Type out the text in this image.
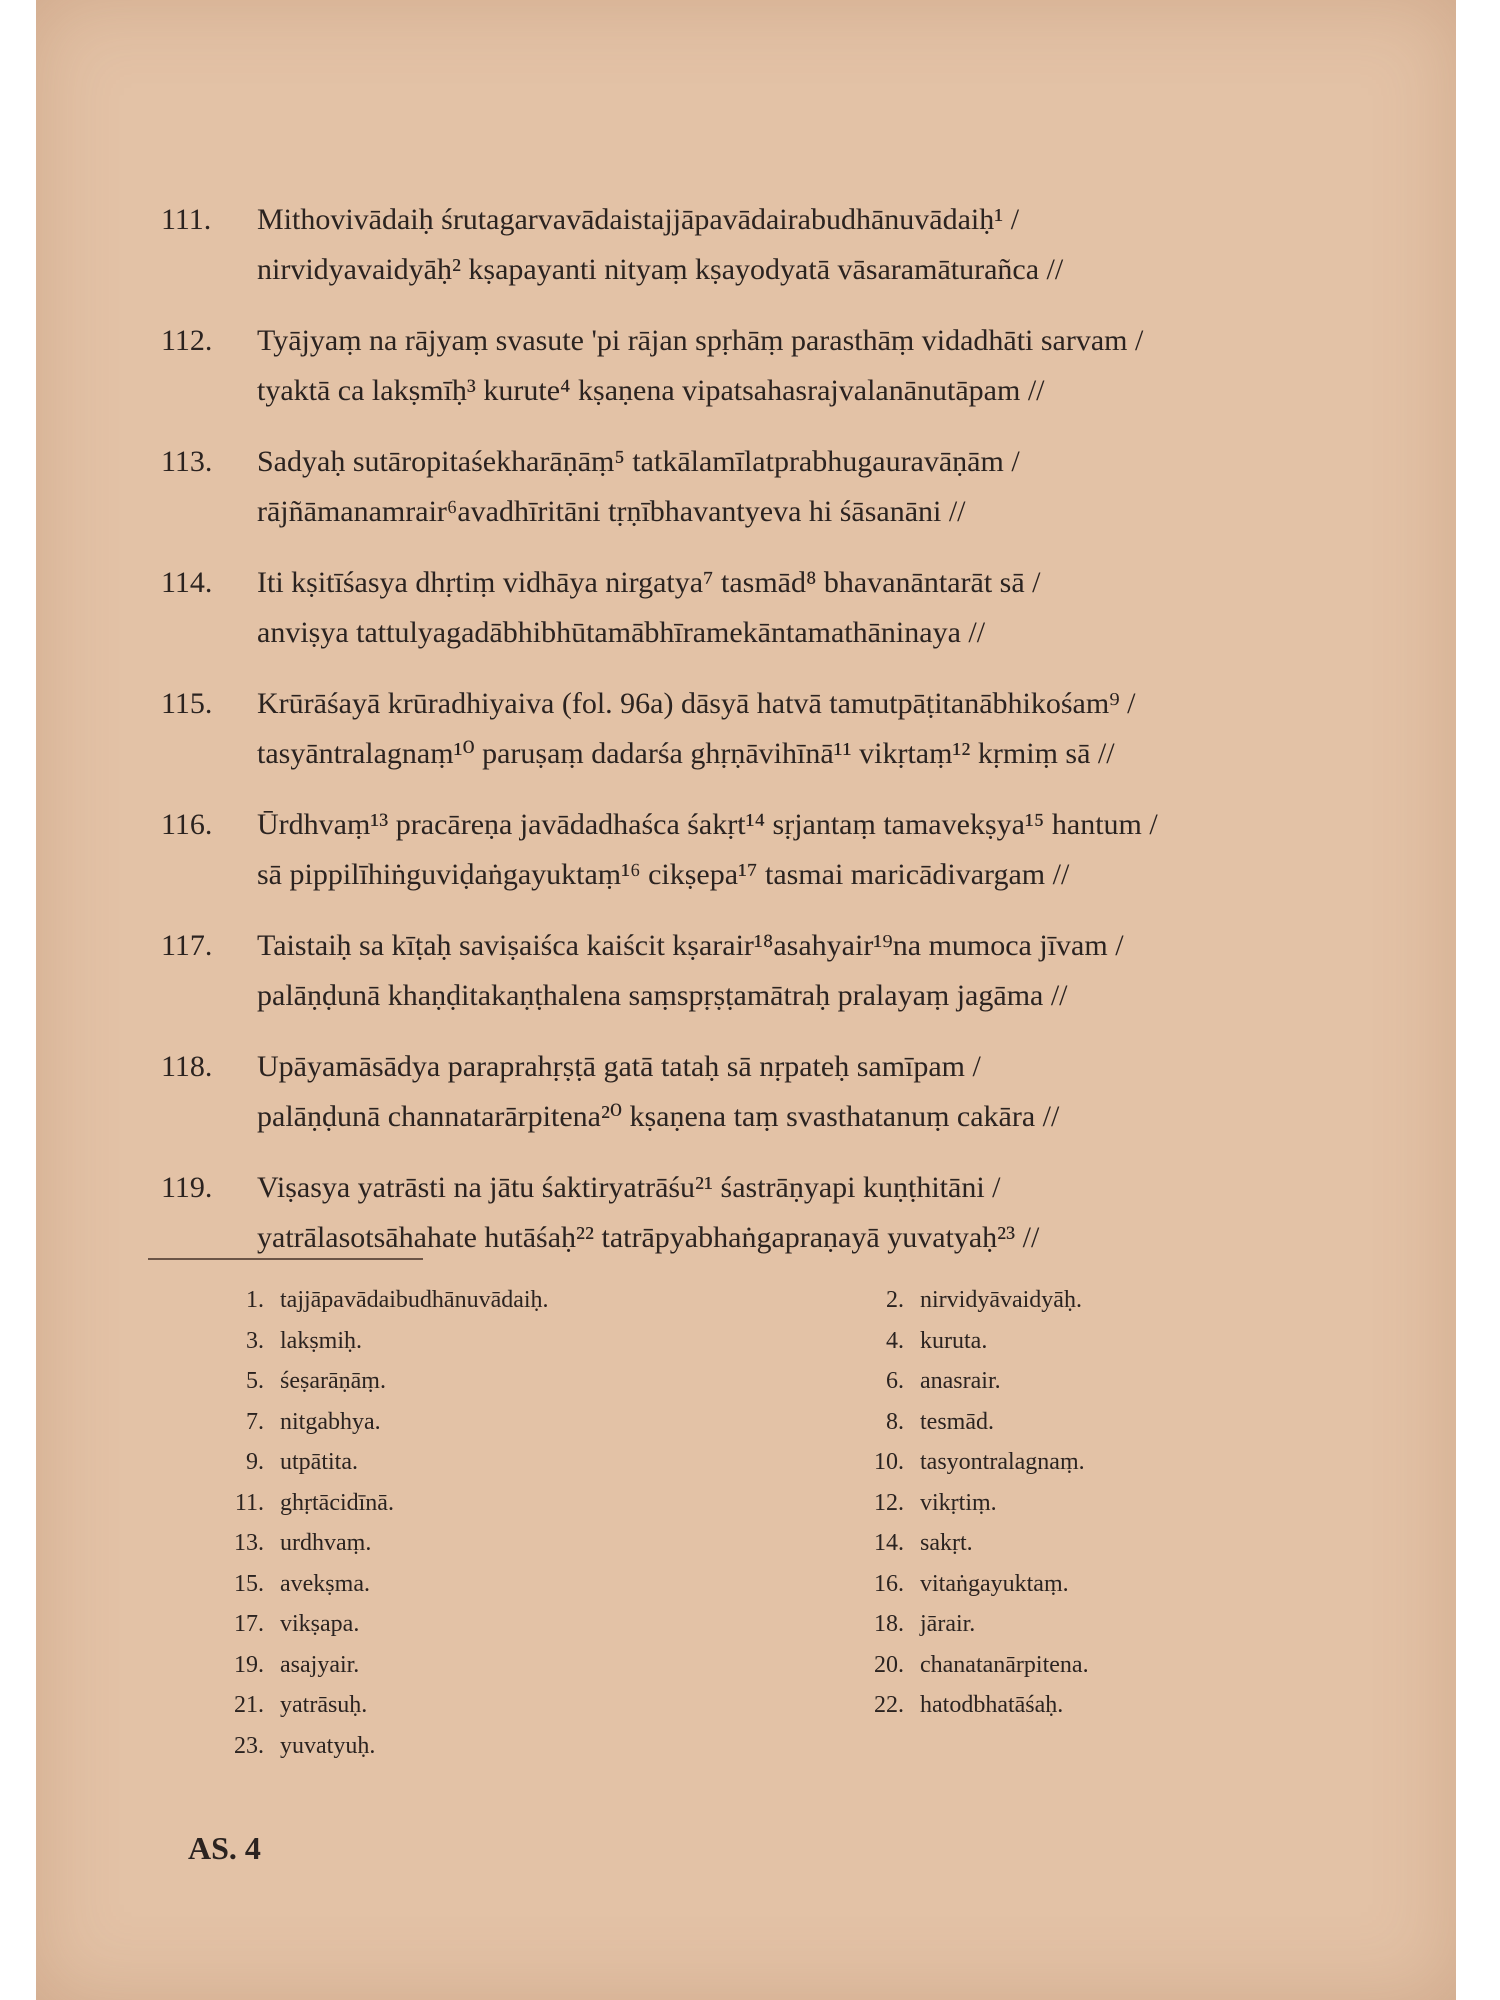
111. Mithovivādaiḥ śrutagarvavādaistajjāpavādairabudhānuvādaiḥ¹ /
nirvidyavaidyāḥ² kṣapayanti nityaṃ kṣayodyatā vāsaramāturañca //
112. Tyājyaṃ na rājyaṃ svasute 'pi rājan spṛhāṃ parasthāṃ vidadhāti sarvam /
tyaktā ca lakṣmīḥ³ kurute⁴ kṣaṇena vipatsahasrajvalanānutāpam //
113. Sadyaḥ sutāropitaśekharāṇāṃ⁵ tatkālamīlatprabhugauravāṇām /
rājñāmanamrair⁶avadhīritāni tṛṇībhavantyeva hi śāsanāni //
114. Iti kṣitīśasya dhṛtiṃ vidhāya nirgatya⁷ tasmād⁸ bhavanāntarāt sā /
anviṣya tattulyagadābhibhūtamābhīramekāntamathāninaya //
115. Krūrāśayā krūradhiyaiva (fol. 96a) dāsyā hatvā tamutpāṭitanābhikośam⁹ /
tasyāntralagnaṃ¹⁰ paruṣaṃ dadarśa ghṛṇāvihīnā¹¹ vikṛtaṃ¹² kṛmiṃ sā //
116. Ūrdhvaṃ¹³ pracāreṇa javādadhaśca śakṛt¹⁴ sṛjantaṃ tamavekṣya¹⁵ hantum /
sā pippilīhiṅguviḍaṅgayuktaṃ¹⁶ cikṣepa¹⁷ tasmai maricādivargam //
117. Taistaiḥ sa kīṭaḥ saviṣaiśca kaiścit kṣarair¹⁸asahyair¹⁹na mumoca jīvam /
palāṇḍunā khaṇḍitakaṇṭhalena saṃspṛṣṭamātraḥ pralayaṃ jagāma //
118. Upāyamāsādya paraprahṛṣṭā gatā tataḥ sā nṛpateḥ samīpam /
palāṇḍunā channatarārpitena²⁰ kṣaṇena taṃ svasthatanuṃ cakāra //
119. Viṣasya yatrāsti na jātu śaktiryatrāśu²¹ śastrāṇyapi kuṇṭhitāni /
yatrālasotsāhahate hutāśaḥ²² tatrāpyabhaṅgapraṇayā yuvatyaḥ²³ //
1. tajjāpavādaibudhānuvādaiḥ.	2. nirvidyāvaidyāḥ.
3. lakṣmiḥ.	4. kuruta.
5. śeṣarāṇāṃ.	6. anasrair.
7. nitgabhya.	8. tesmād.
9. utpātita.	10. tasyontralagnaṃ.
11. ghṛtācidīnā.	12. vikṛtiṃ.
13. urdhvaṃ.	14. sakṛt.
15. avekṣma.	16. vitaṅgayuktaṃ.
17. vikṣapa.	18. jārair.
19. asajyair.	20. chanatanārpitena.
21. yatrāsuḥ.	22. hatodbhatāśaḥ.
23. yuvatyuḥ.
AS. 4
